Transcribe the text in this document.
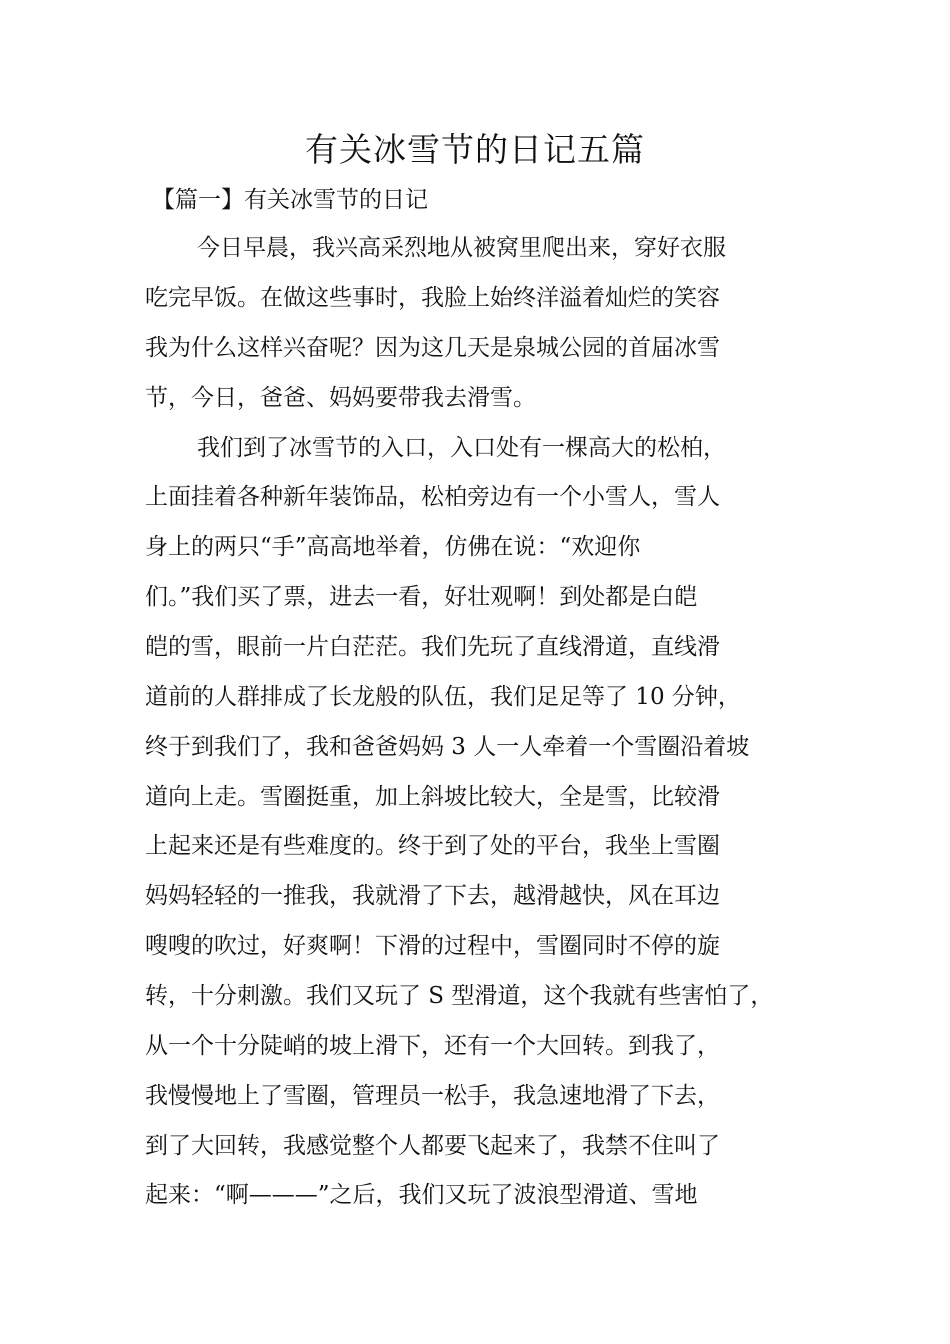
有关冰雪节的日记五篇
【篇一】有关冰雪节的日记
今日早晨，我兴高采烈地从被窝里爬出来，穿好衣服
吃完早饭。在做这些事时，我脸上始终洋溢着灿烂的笑容
我为什么这样兴奋呢？因为这几天是泉城公园的首届冰雪
节，今日，爸爸、妈妈要带我去滑雪。
我们到了冰雪节的入口，入口处有一棵高大的松柏，
上面挂着各种新年装饰品，松柏旁边有一个小雪人，雪人
身上的两只“手”高高地举着，仿佛在说：“欢迎你
们。”我们买了票，进去一看，好壮观啊！到处都是白皑
皑的雪，眼前一片白茫茫。我们先玩了直线滑道，直线滑
道前的人群排成了长龙般的队伍，我们足足等了 10 分钟，
终于到我们了，我和爸爸妈妈 3 人一人牵着一个雪圈沿着坡
道向上走。雪圈挺重，加上斜坡比较大，全是雪，比较滑
上起来还是有些难度的。终于到了处的平台，我坐上雪圈
妈妈轻轻的一推我，我就滑了下去，越滑越快，风在耳边
嗖嗖的吹过，好爽啊！下滑的过程中，雪圈同时不停的旋
转，十分刺激。我们又玩了 S 型滑道，这个我就有些害怕了，
从一个十分陡峭的坡上滑下，还有一个大回转。到我了，
我慢慢地上了雪圈，管理员一松手，我急速地滑了下去，
到了大回转，我感觉整个人都要飞起来了，我禁不住叫了
起来：“啊———”之后，我们又玩了波浪型滑道、雪地
